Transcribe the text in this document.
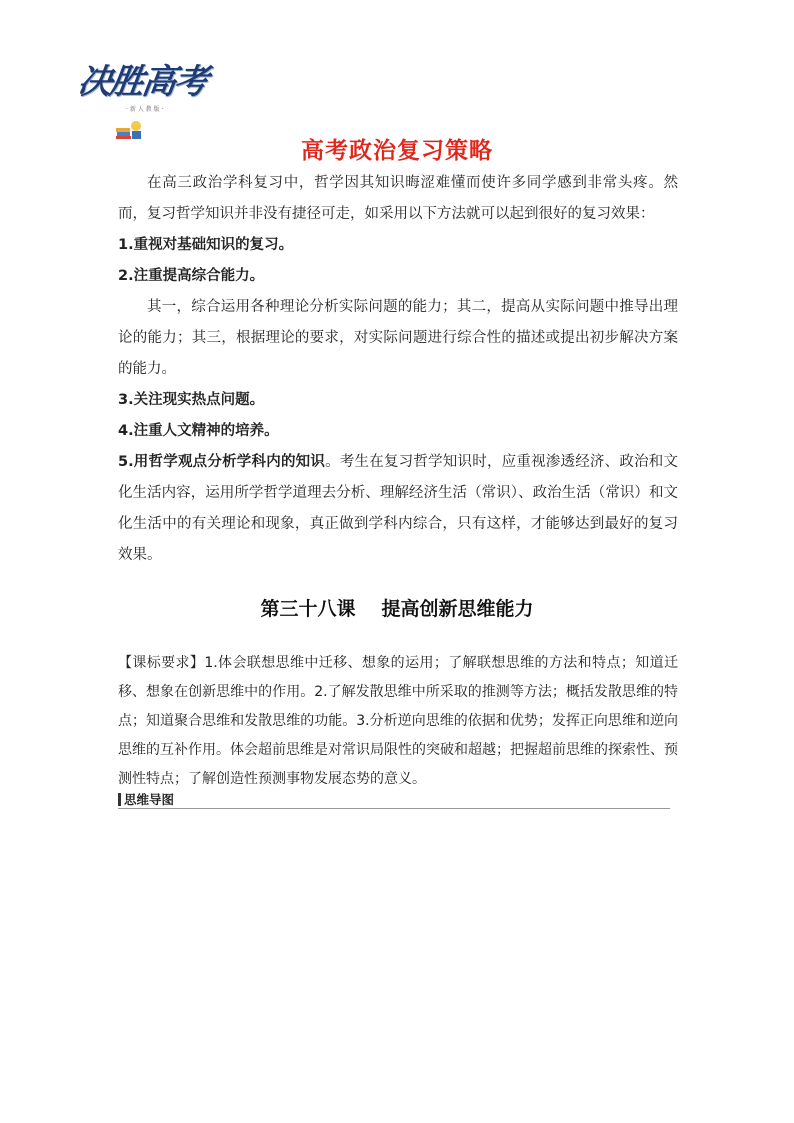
决胜高考
· 新 人 教 版 ·
高考政治复习策略
在高三政治学科复习中，哲学因其知识晦涩难懂而使许多同学感到非常头疼。然而，复习哲学知识并非没有捷径可走，如采用以下方法就可以起到很好的复习效果：
1.重视对基础知识的复习。
2.注重提高综合能力。
其一，综合运用各种理论分析实际问题的能力；其二，提高从实际问题中推导出理论的能力；其三，根据理论的要求，对实际问题进行综合性的描述或提出初步解决方案的能力。
3.关注现实热点问题。
4.注重人文精神的培养。
5.用哲学观点分析学科内的知识。考生在复习哲学知识时，应重视渗透经济、政治和文化生活内容，运用所学哲学道理去分析、理解经济生活（常识）、政治生活（常识）和文化生活中的有关理论和现象，真正做到学科内综合，只有这样，才能够达到最好的复习效果。
第三十八课 提高创新思维能力
【课标要求】1.体会联想思维中迁移、想象的运用；了解联想思维的方法和特点；知道迁移、想象在创新思维中的作用。2.了解发散思维中所采取的推测等方法；概括发散思维的特点；知道聚合思维和发散思维的功能。3.分析逆向思维的依据和优势；发挥正向思维和逆向思维的互补作用。体会超前思维是对常识局限性的突破和超越；把握超前思维的探索性、预测性特点；了解创造性预测事物发展态势的意义。
思维导图
